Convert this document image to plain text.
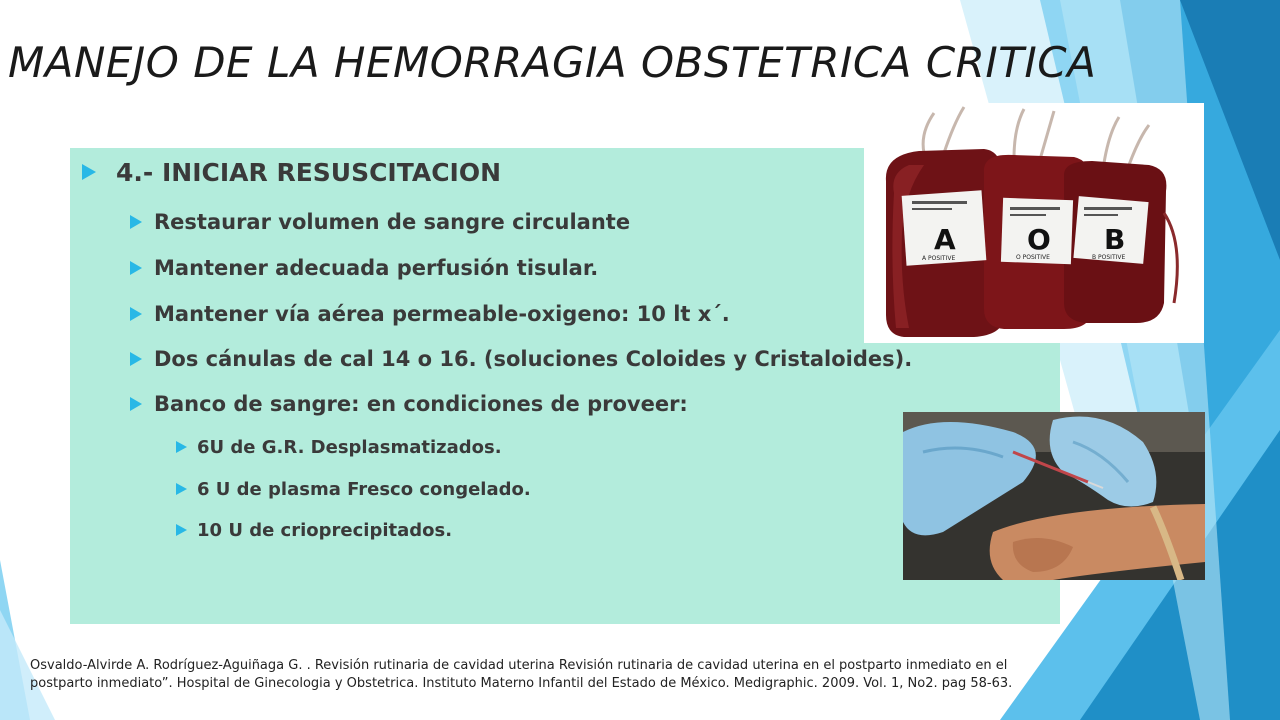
MANEJO DE LA HEMORRAGIA OBSTETRICA CRITICA
4.- INICIAR RESUSCITACION
Restaurar volumen de sangre circulante
Mantener adecuada perfusión tisular.
Mantener vía aérea permeable-oxigeno: 10 lt x´.
Dos cánulas de cal 14 o 16. (soluciones Coloides y Cristaloides).
Banco de sangre: en condiciones de proveer:
6U de G.R. Desplasmatizados.
6 U de plasma Fresco congelado.
10 U de crioprecipitados.
A
A POSITIVE
O
O POSITIVE
B
B POSITIVE

Osvaldo-Alvirde A. Rodríguez-Aguiñaga G. . Revisión rutinaria de cavidad uterina Revisión rutinaria de cavidad uterina en el postparto inmediato en el postparto inmediato”. Hospital de Ginecologia y Obstetrica. Instituto Materno Infantil del Estado de México. Medigraphic. 2009. Vol. 1, No2. pag 58-63.
